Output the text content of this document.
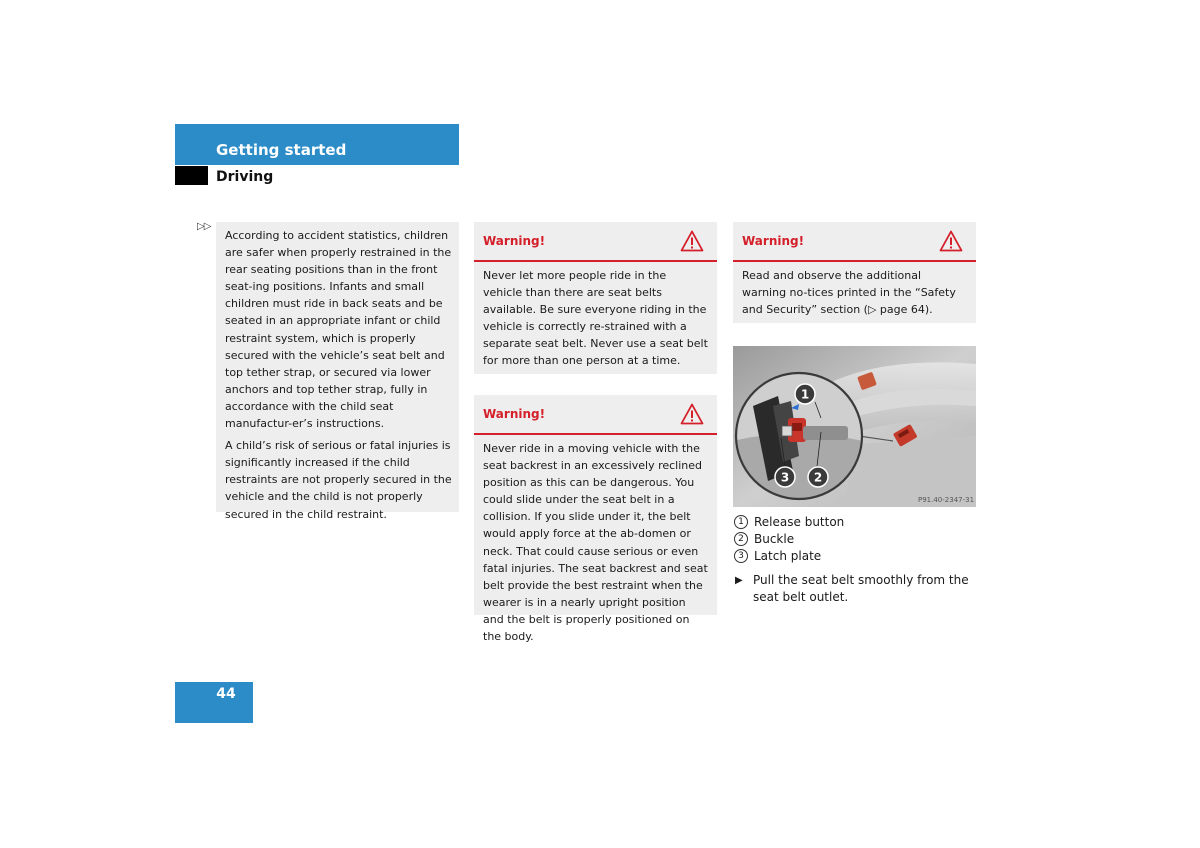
Getting started
Driving
▷▷

According to accident statistics, children are safer when properly restrained in the rear seating positions than in the front seat-ing positions. Infants and small children must ride in back seats and be seated in an appropriate infant or child restraint system, which is properly secured with the vehicle’s seat belt and top tether strap, or secured via lower anchors and top tether strap, fully in accordance with the child seat manufactur-er’s instructions.

A child’s risk of serious or fatal injuries is significantly increased if the child restraints are not properly secured in the vehicle and the child is not properly secured in the child restraint.

Warning!

Never let more people ride in the vehicle than there are seat belts available. Be sure everyone riding in the vehicle is correctly re-strained with a separate seat belt. Never use a seat belt for more than one person at a time.

Warning!

Never ride in a moving vehicle with the seat backrest in an excessively reclined position as this can be dangerous. You could slide under the seat belt in a collision. If you slide under it, the belt would apply force at the ab-domen or neck. That could cause serious or even fatal injuries. The seat backrest and seat belt provide the best restraint when the wearer is in a nearly upright position and the belt is properly positioned on the body.

Warning!

Read and observe the additional warning no-tices printed in the “Safety and Security” section (▷ page 64).

1
2
3
P91.40-2347-31
1 Release button
2 Buckle
3 Latch plate
▶ Pull the seat belt smoothly from the seat belt outlet.
44
